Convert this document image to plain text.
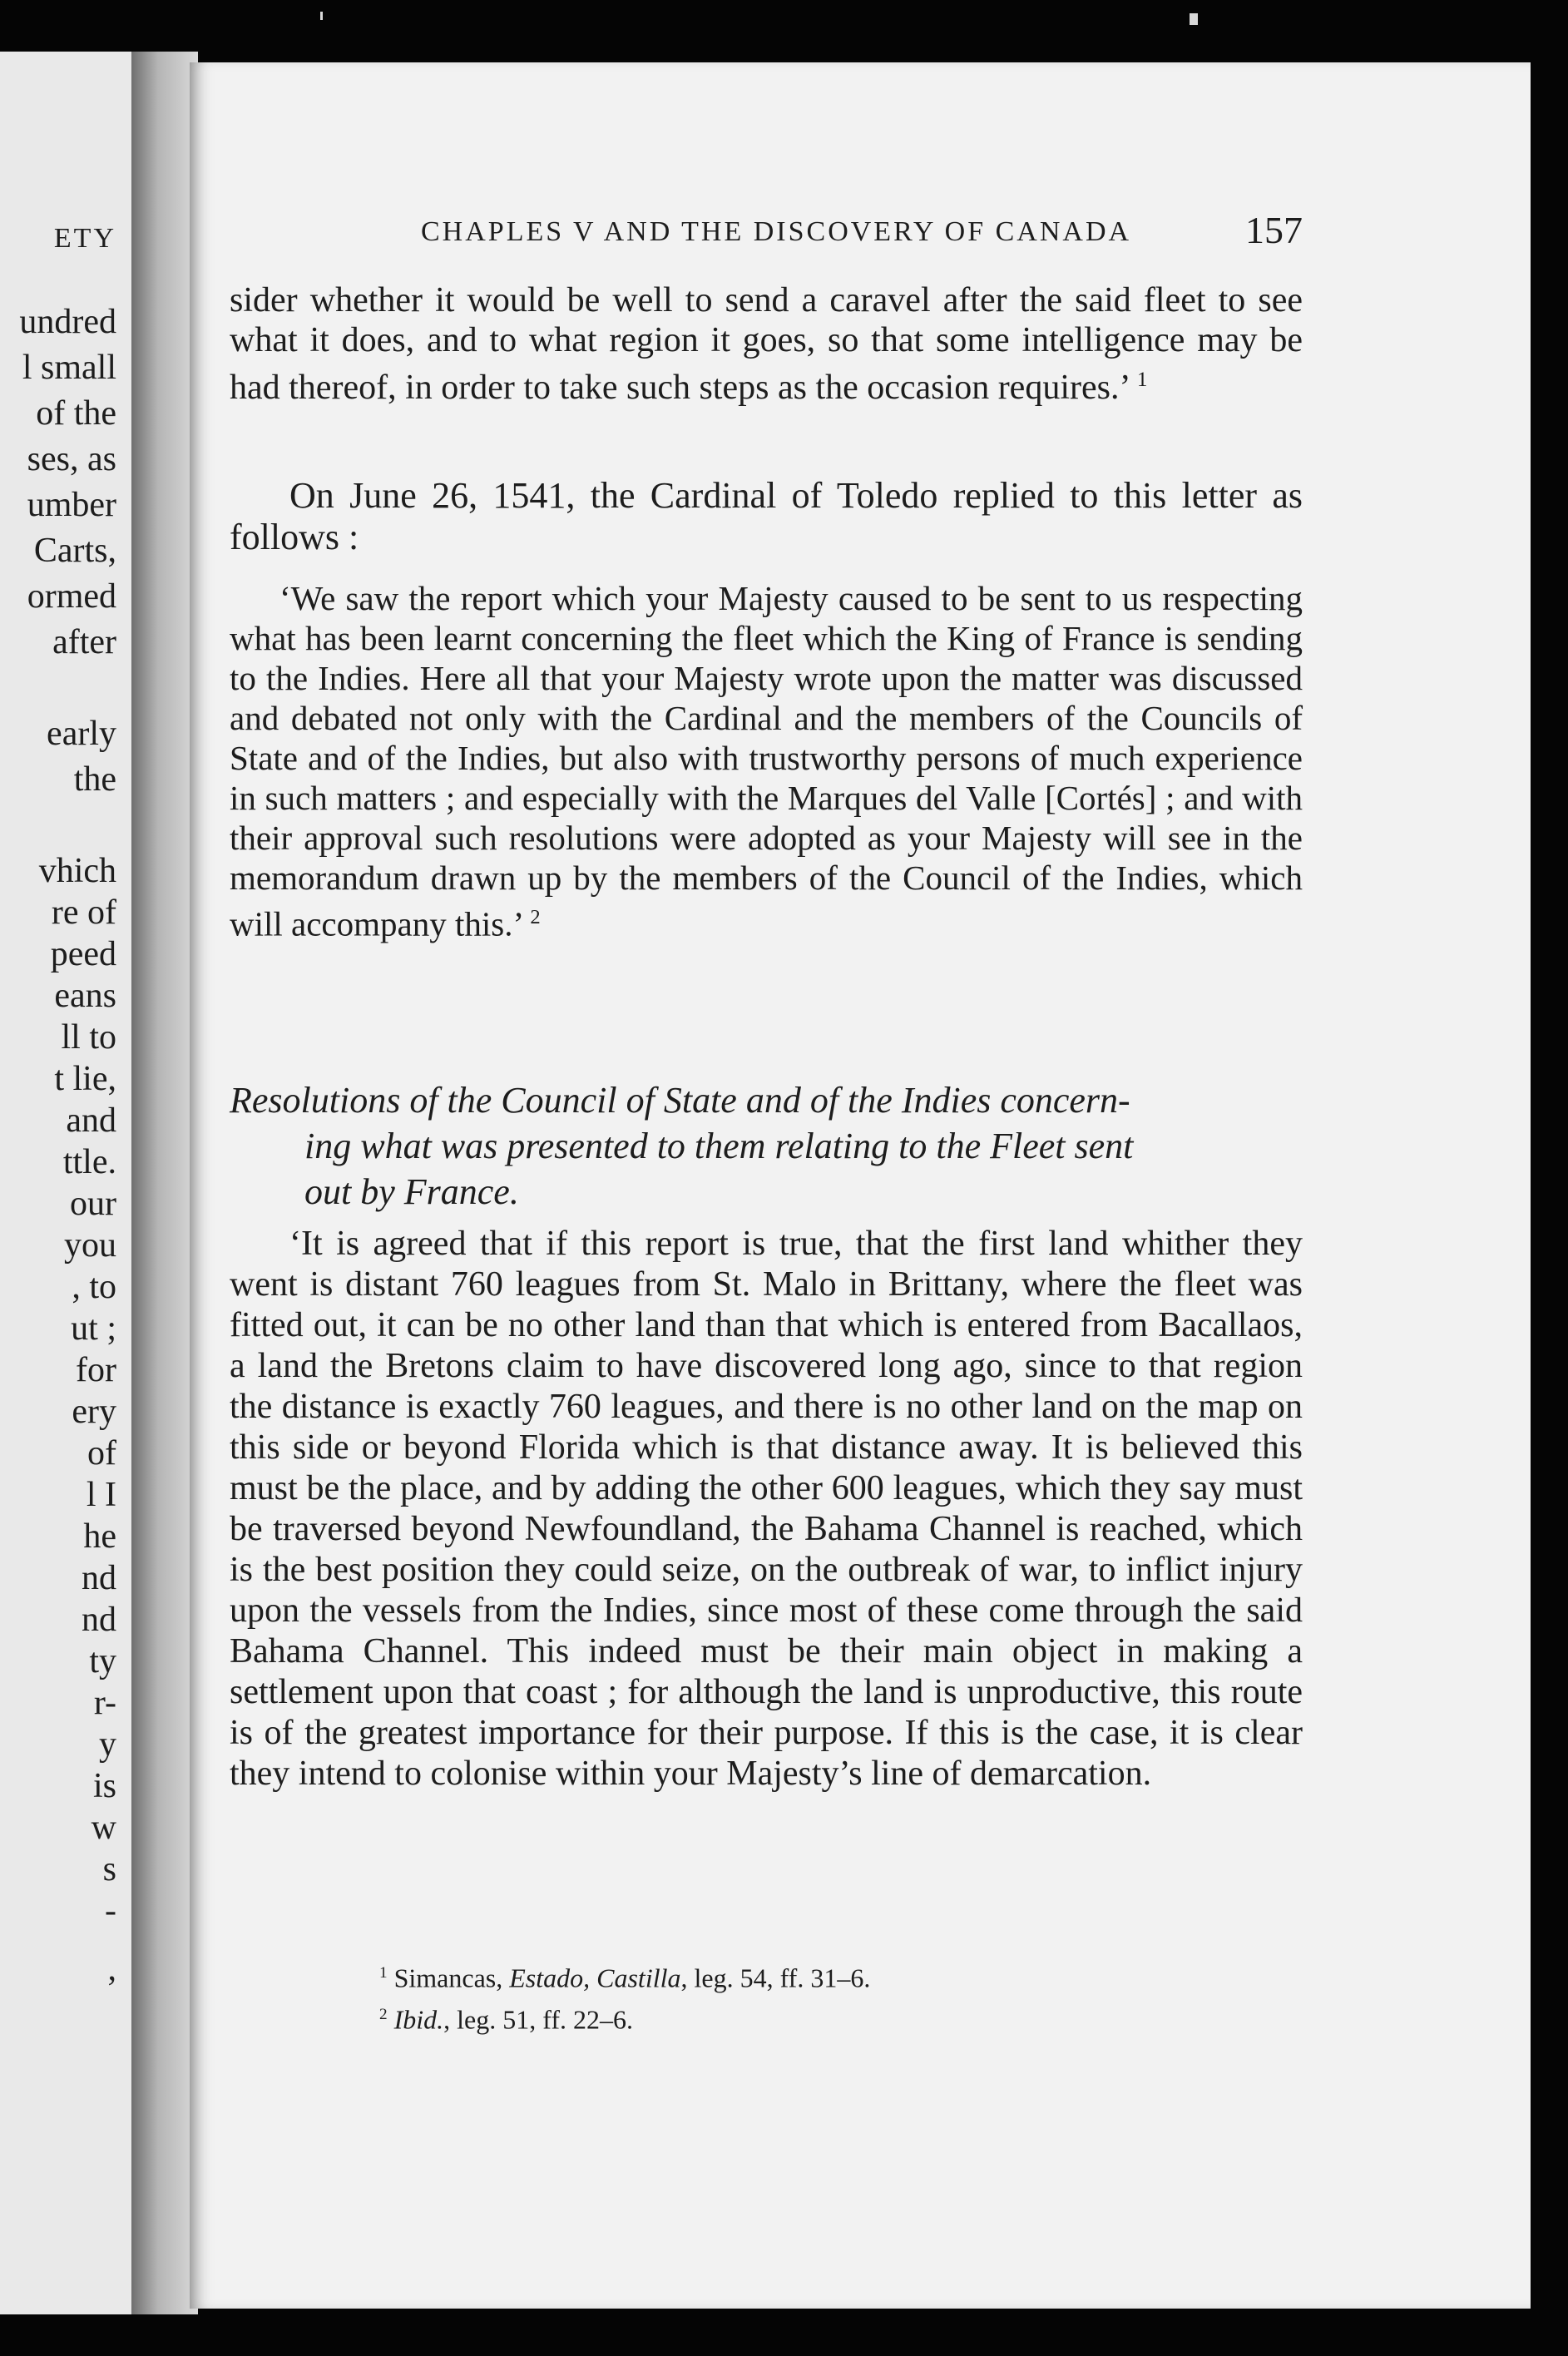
ETY
undred
l small
of the
ses, as
umber
Carts,
ormed
after
early
the
vhich
re of
peed
eans
ll to
t lie,
and
ttle.
our
you
, to
ut ;
for
ery
of
l I
he
nd
nd
ty
r-
y
is
w
s
-
,
CHAPLES V AND THE DISCOVERY OF CANADA	157
sider whether it would be well to send a caravel after the said fleet to see what it does, and to what region it goes, so that some intelligence may be had thereof, in order to take such steps as the occasion requires.’ $^1$
On June 26, 1541, the Cardinal of Toledo replied to this letter as follows :
‘We saw the report which your Majesty caused to be sent to us respecting what has been learnt concerning the fleet which the King of France is sending to the Indies. Here all that your Majesty wrote upon the matter was discussed and debated not only with the Cardinal and the members of the Councils of State and of the Indies, but also with trustworthy persons of much experience in such matters ; and especially with the Marques del Valle [Cortés] ; and with their approval such resolutions were adopted as your Majesty will see in the memorandum drawn up by the members of the Council of the Indies, which will accompany this.’ $^2$
Resolutions of the Council of State and of the Indies concern-
ing what was presented to them relating to the Fleet sent
out by France.
‘It is agreed that if this report is true, that the first land whither they went is distant 760 leagues from St. Malo in Brittany, where the fleet was fitted out, it can be no other land than that which is entered from Bacallaos, a land the Bretons claim to have discovered long ago, since to that region the distance is exactly 760 leagues, and there is no other land on the map on this side or beyond Florida which is that distance away. It is believed this must be the place, and by adding the other 600 leagues, which they say must be traversed beyond Newfoundland, the Bahama Channel is reached, which is the best position they could seize, on the outbreak of war, to inflict injury upon the vessels from the Indies, since most of these come through the said Bahama Channel. This indeed must be their main object in making a settlement upon that coast ; for although the land is unproductive, this route is of the greatest importance for their purpose. If this is the case, it is clear they intend to colonise within your Majesty’s line of demarcation.
$^1$ Simancas, Estado, Castilla, leg. 54, ff. 31–6.
$^2$ Ibid., leg. 51, ff. 22–6.
